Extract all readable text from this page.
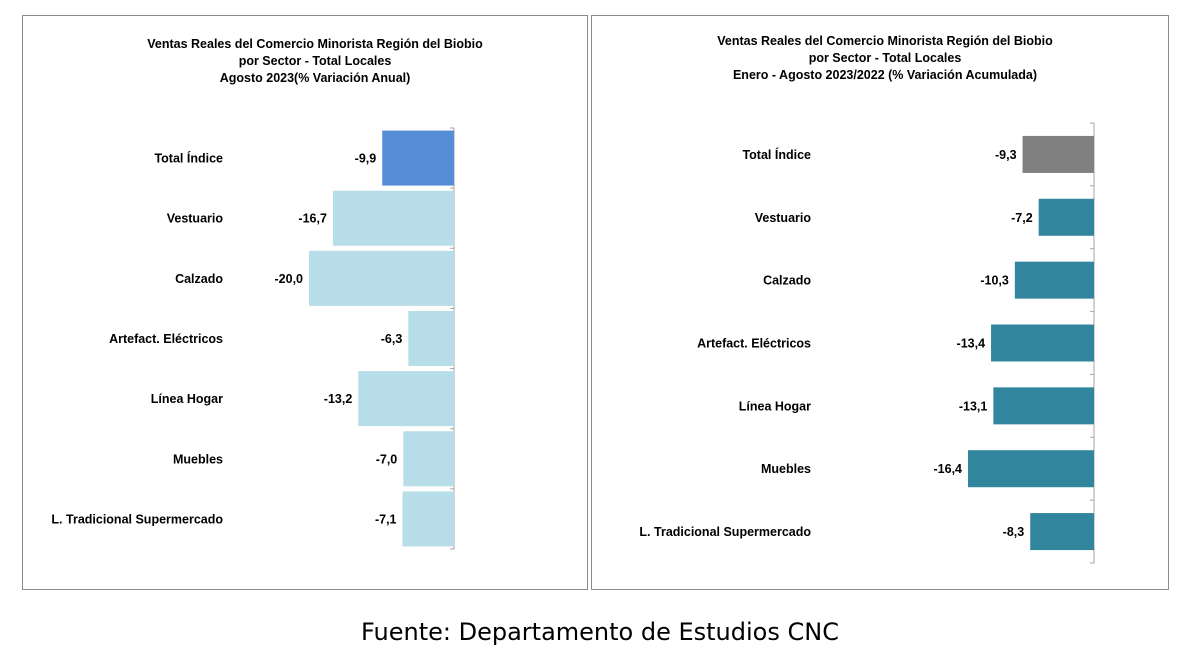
Ventas Reales del Comercio Minorista Región del Biobio
por Sector - Total Locales
Agosto 2023(% Variación Anual)
-9,9
Total Índice
-16,7
Vestuario
-20,0
Calzado
-6,3
Artefact. Eléctricos
-13,2
Línea Hogar
-7,0
Muebles
-7,1
L. Tradicional Supermercado
Ventas Reales del Comercio Minorista Región del Biobio
por Sector - Total Locales
Enero - Agosto 2023/2022 (% Variación Acumulada)
-9,3
Total Índice
-7,2
Vestuario
-10,3
Calzado
-13,4
Artefact. Eléctricos
-13,1
Línea Hogar
-16,4
Muebles
-8,3
L. Tradicional Supermercado
Fuente: Departamento de Estudios CNC
